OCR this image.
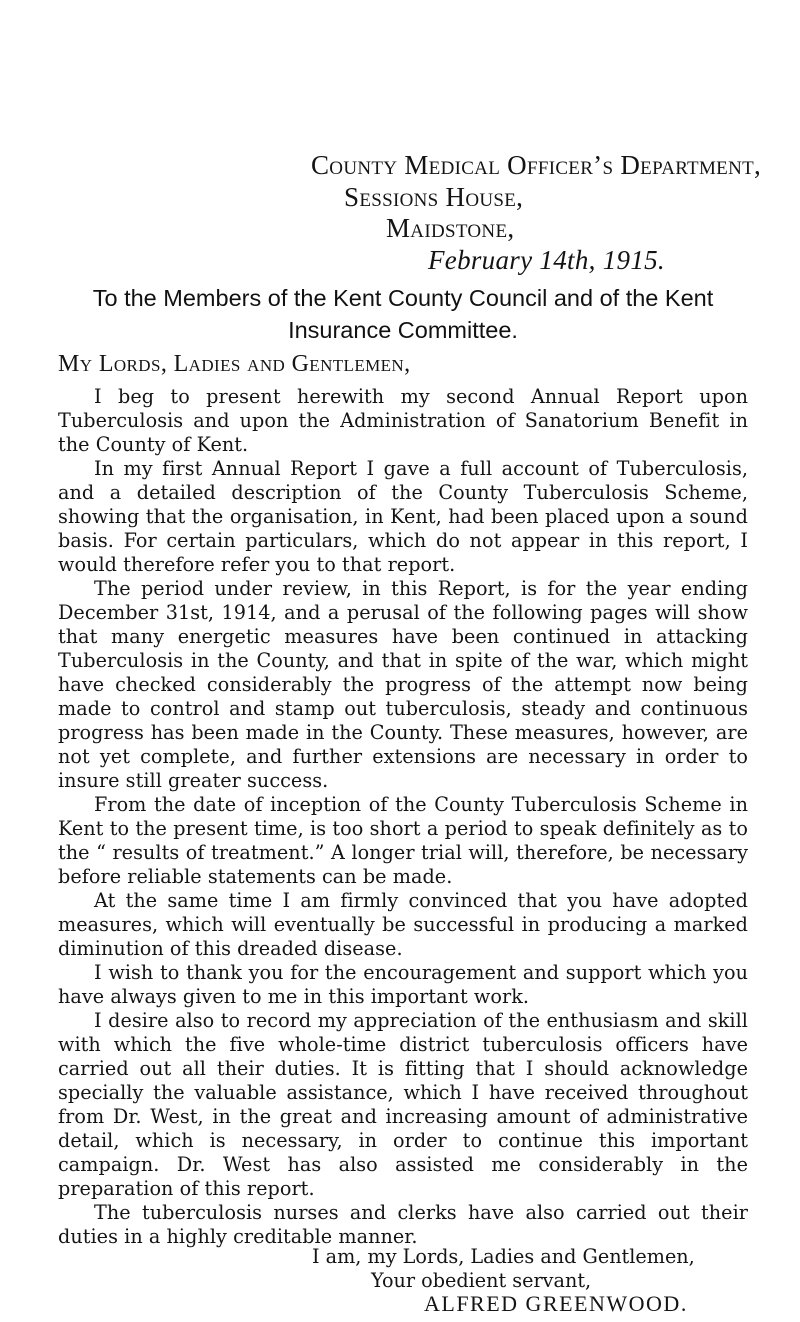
County Medical Officer’s Department,
Sessions House,
Maidstone,
February 14th, 1915.
To the Members of the Kent County Council and of the Kent
Insurance Committee.
My Lords, Ladies and Gentlemen,

I beg to present herewith my second Annual Report upon Tuberculosis and upon the Administration of Sanatorium Benefit in the County of Kent.

In my first Annual Report I gave a full account of Tuberculosis, and a detailed description of the County Tuberculosis Scheme, showing that the organisation, in Kent, had been placed upon a sound basis. For certain particulars, which do not appear in this report, I would therefore refer you to that report.

The period under review, in this Report, is for the year ending December 31st, 1914, and a perusal of the following pages will show that many energetic measures have been continued in attacking Tuberculosis in the County, and that in spite of the war, which might have checked considerably the progress of the attempt now being made to control and stamp out tuberculosis, steady and continuous progress has been made in the County. These measures, however, are not yet complete, and further extensions are necessary in order to insure still greater success.

From the date of inception of the County Tuberculosis Scheme in Kent to the present time, is too short a period to speak definitely as to the “ results of treatment.” A longer trial will, therefore, be necessary before reliable statements can be made.

At the same time I am firmly convinced that you have adopted measures, which will eventually be successful in producing a marked diminution of this dreaded disease.

I wish to thank you for the encouragement and support which you have always given to me in this important work.

I desire also to record my appreciation of the enthusiasm and skill with which the five whole-time district tuberculosis officers have carried out all their duties. It is fitting that I should acknowledge specially the valuable assistance, which I have received throughout from Dr. West, in the great and increasing amount of administrative detail, which is necessary, in order to continue this important campaign. Dr. West has also assisted me considerably in the preparation of this report.

The tuberculosis nurses and clerks have also carried out their duties in a highly creditable manner.

I am, my Lords, Ladies and Gentlemen,
Your obedient servant,
ALFRED GREENWOOD.
